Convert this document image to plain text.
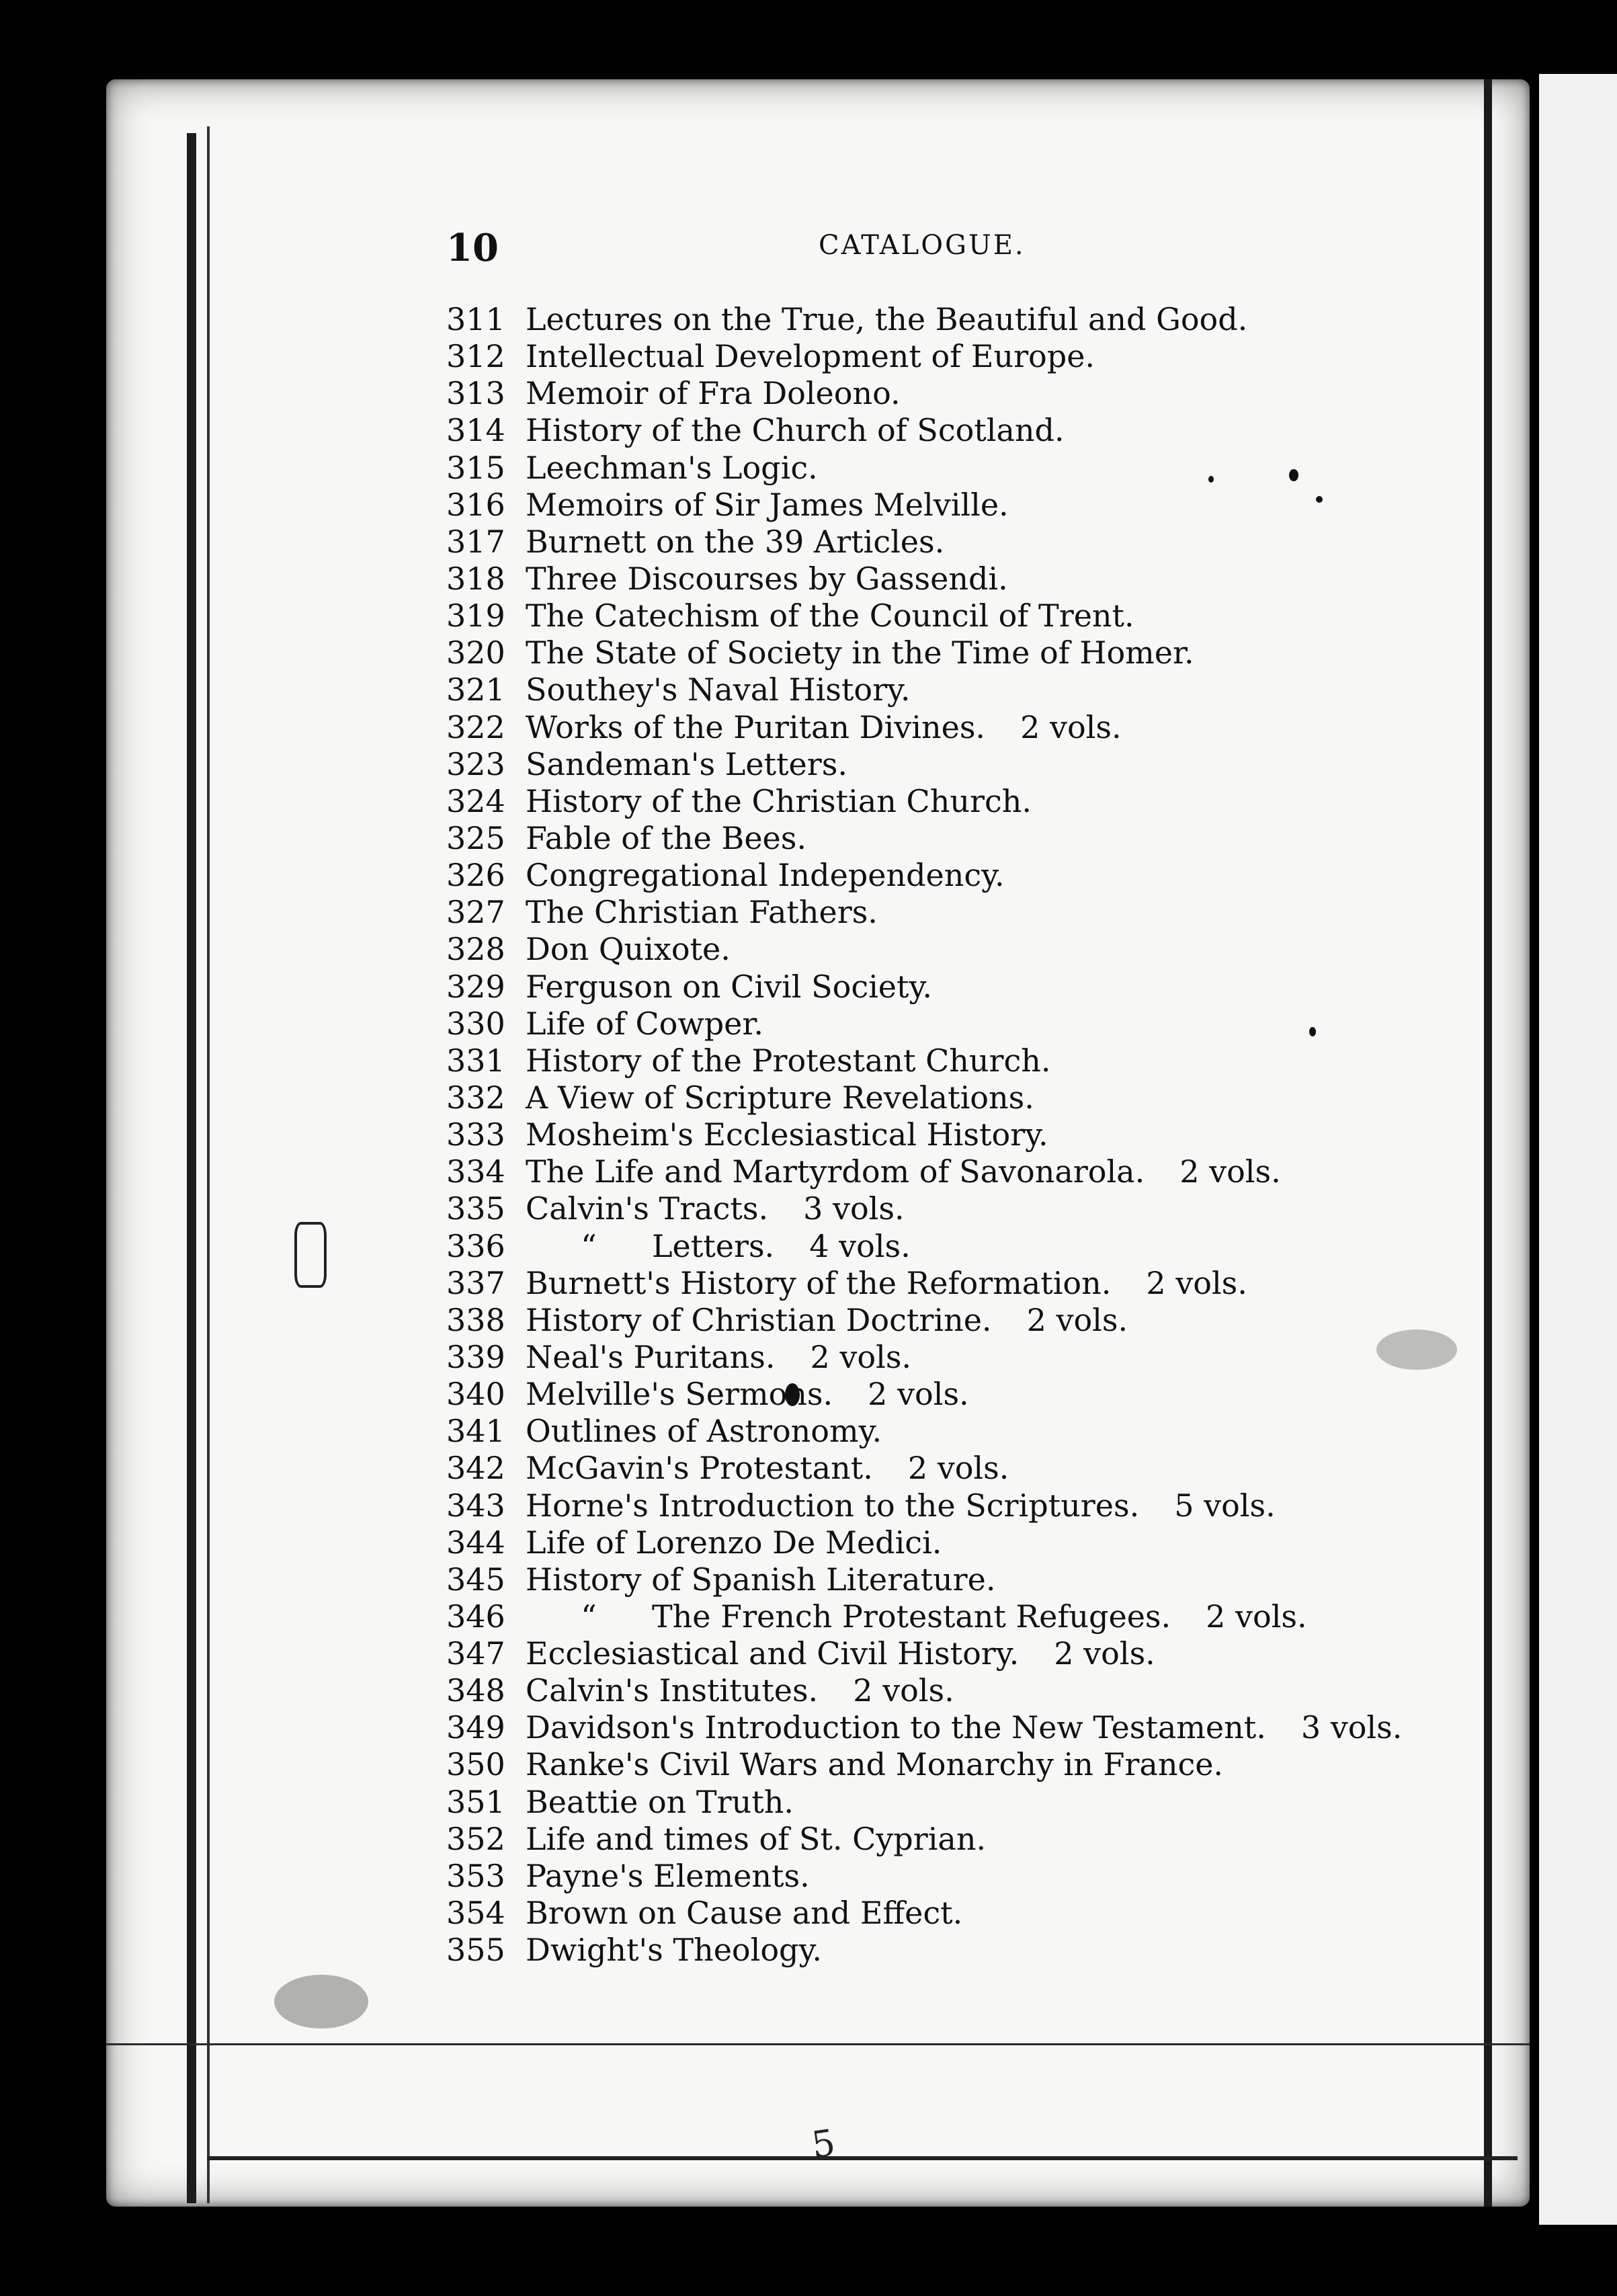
10	CATALOGUE.
311 Lectures on the True, the Beautiful and Good.
312 Intellectual Development of Europe.
313 Memoir of Fra Doleono.
314 History of the Church of Scotland.
315 Leechman's Logic.
316 Memoirs of Sir James Melville.
317 Burnett on the 39 Articles.
318 Three Discourses by Gassendi.
319 The Catechism of the Council of Trent.
320 The State of Society in the Time of Homer.
321 Southey's Naval History.
322 Works of the Puritan Divines. 2 vols.
323 Sandeman's Letters.
324 History of the Christian Church.
325 Fable of the Bees.
326 Congregational Independency.
327 The Christian Fathers.
328 Don Quixote.
329 Ferguson on Civil Society.
330 Life of Cowper.
331 History of the Protestant Church.
332 A View of Scripture Revelations.
333 Mosheim's Ecclesiastical History.
334 The Life and Martyrdom of Savonarola. 2 vols.
335 Calvin's Tracts. 3 vols.
336	“	Letters. 4 vols.
337 Burnett's History of the Reformation. 2 vols.
338 History of Christian Doctrine. 2 vols.
339 Neal's Puritans. 2 vols.
340 Melville's Sermons. 2 vols.
341 Outlines of Astronomy.
342 McGavin's Protestant. 2 vols.
343 Horne's Introduction to the Scriptures. 5 vols.
344 Life of Lorenzo De Medici.
345 History of Spanish Literature.
346	“	The French Protestant Refugees. 2 vols.
347 Ecclesiastical and Civil History. 2 vols.
348 Calvin's Institutes. 2 vols.
349 Davidson's Introduction to the New Testament. 3 vols.
350 Ranke's Civil Wars and Monarchy in France.
351 Beattie on Truth.
352 Life and times of St. Cyprian.
353 Payne's Elements.
354 Brown on Cause and Effect.
355 Dwight's Theology.
5
